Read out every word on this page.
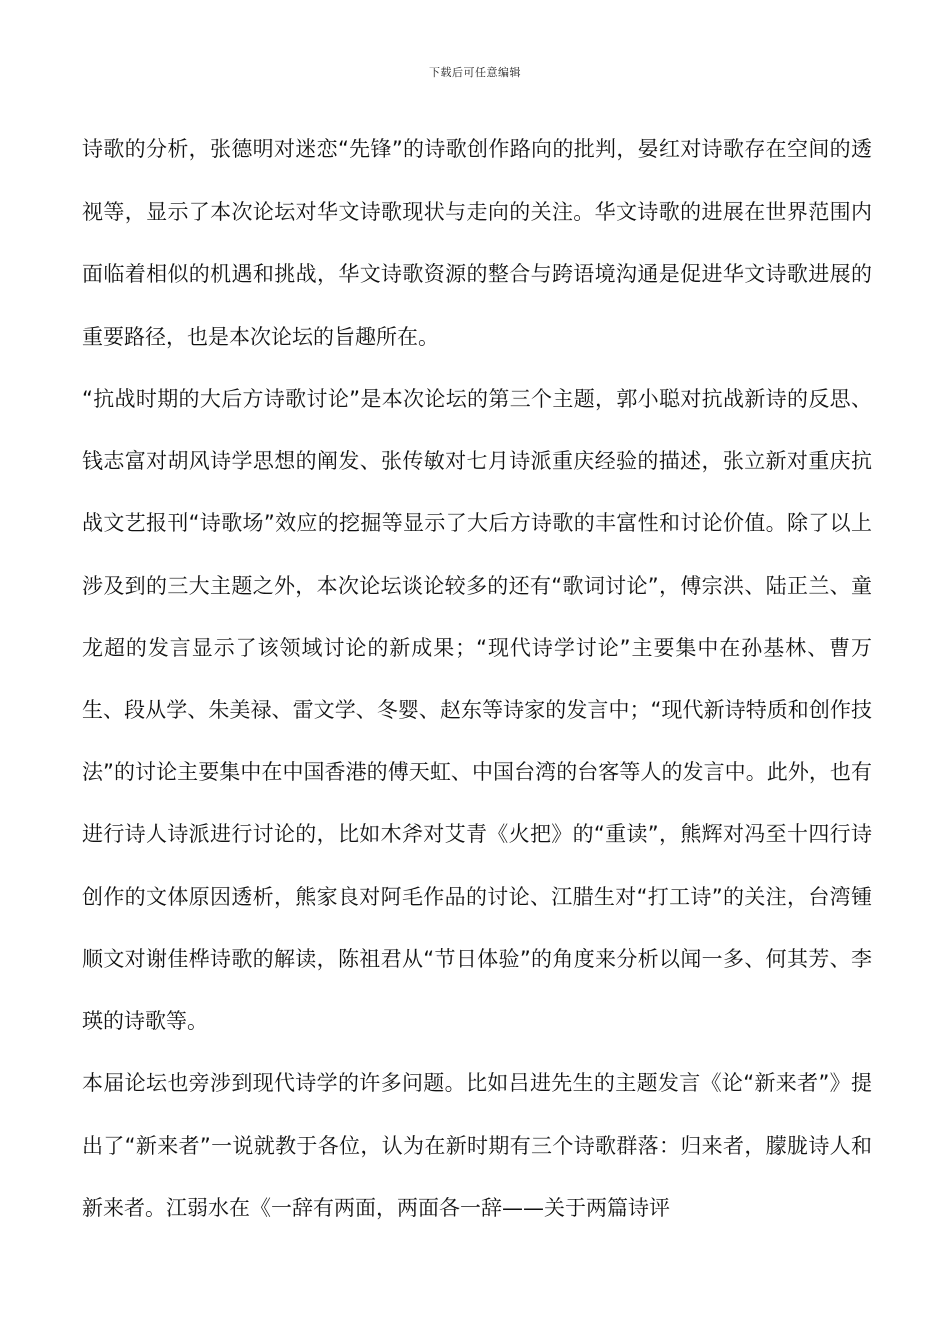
下载后可任意编辑

诗歌的分析，张德明对迷恋“先锋”的诗歌创作路向的批判，晏红对诗歌存在空间的透视等，显示了本次论坛对华文诗歌现状与走向的关注。华文诗歌的进展在世界范围内面临着相似的机遇和挑战，华文诗歌资源的整合与跨语境沟通是促进华文诗歌进展的重要路径，也是本次论坛的旨趣所在。

“抗战时期的大后方诗歌讨论”是本次论坛的第三个主题，郭小聪对抗战新诗的反思、钱志富对胡风诗学思想的阐发、张传敏对七月诗派重庆经验的描述，张立新对重庆抗战文艺报刊“诗歌场”效应的挖掘等显示了大后方诗歌的丰富性和讨论价值。除了以上涉及到的三大主题之外，本次论坛谈论较多的还有“歌词讨论”，傅宗洪、陆正兰、童龙超的发言显示了该领域讨论的新成果；“现代诗学讨论”主要集中在孙基林、曹万生、段从学、朱美禄、雷文学、冬婴、赵东等诗家的发言中；“现代新诗特质和创作技法”的讨论主要集中在中国香港的傅天虹、中国台湾的台客等人的发言中。此外，也有进行诗人诗派进行讨论的，比如木斧对艾青《火把》的“重读”，熊辉对冯至十四行诗创作的文体原因透析，熊家良对阿毛作品的讨论、江腊生对“打工诗”的关注，台湾锺顺文对谢佳桦诗歌的解读，陈祖君从“节日体验”的角度来分析以闻一多、何其芳、李瑛的诗歌等。

本届论坛也旁涉到现代诗学的许多问题。比如吕进先生的主题发言《论“新来者”》提出了“新来者”一说就教于各位，认为在新时期有三个诗歌群落：归来者，朦胧诗人和新来者。江弱水在《一辞有两面，两面各一辞——关于两篇诗评
